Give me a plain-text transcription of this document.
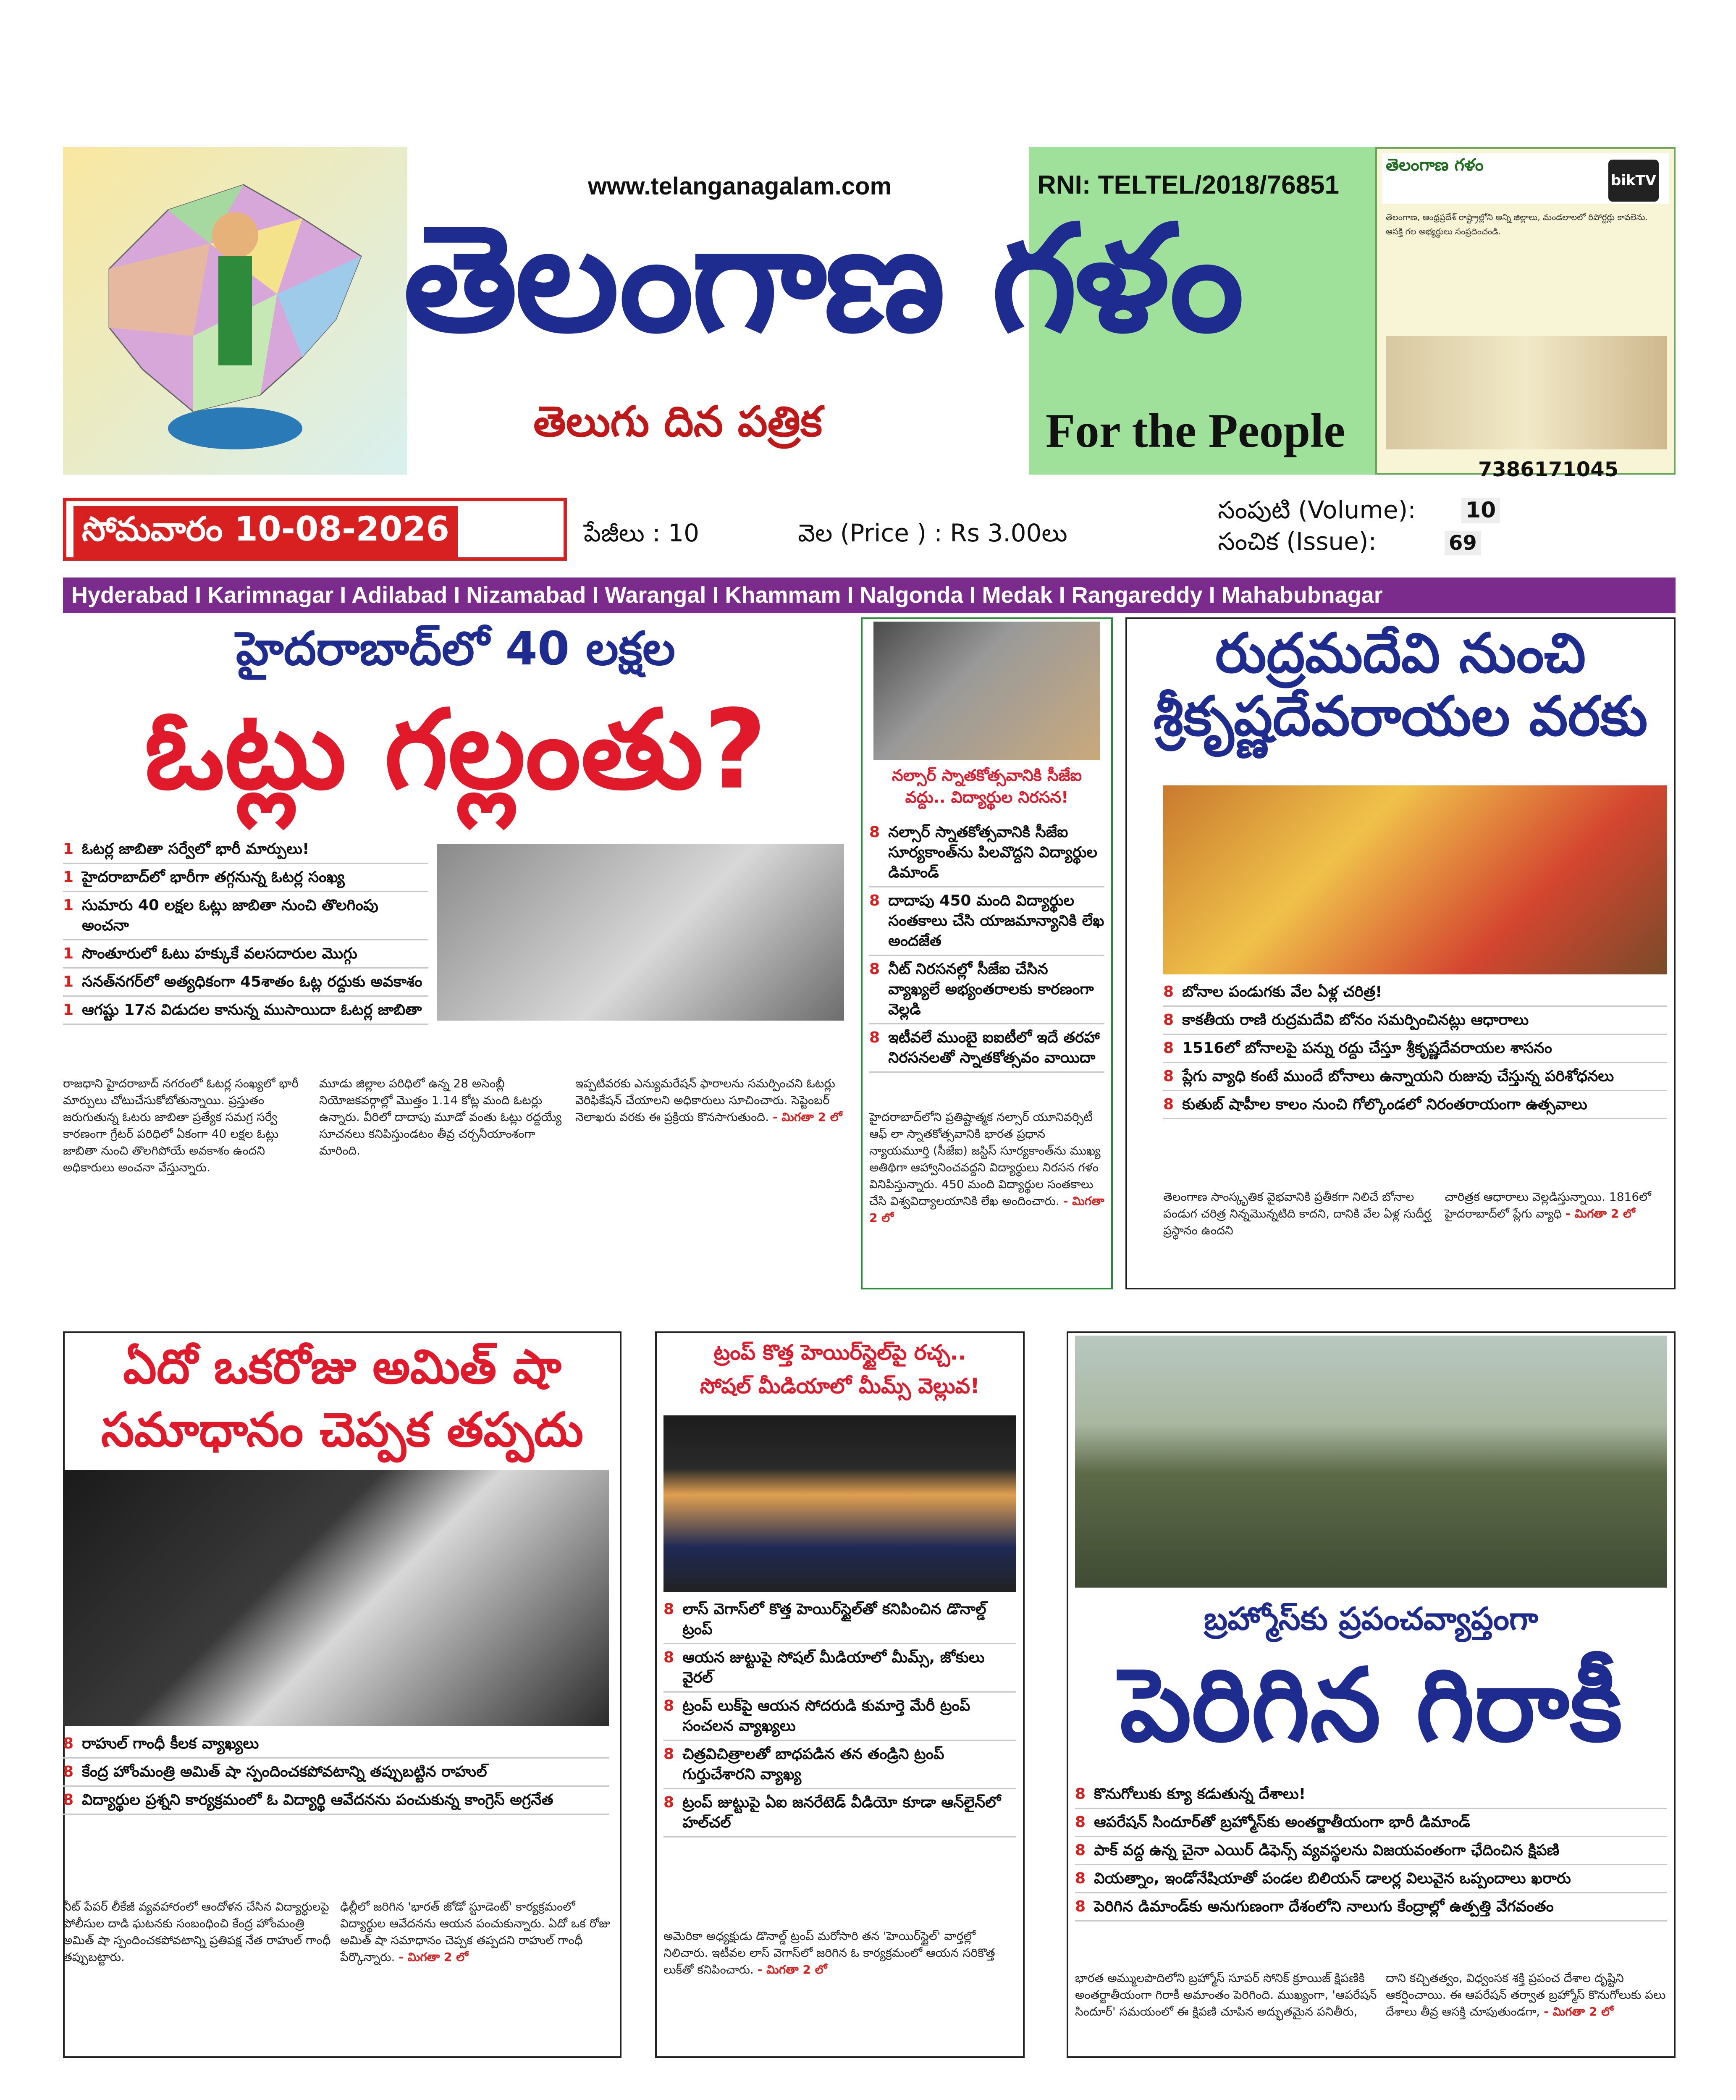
www.telanganagalam.com	RNI: TELTEL/2018/76851
తెలంగాణ గళం
తెలుగు దిన పత్రిక	For the People
తెలంగాణ గళం
bikTV
తెలంగాణ, ఆంధ్రప్రదేశ్ రాష్ట్రాల్లోని అన్ని జిల్లాలు, మండలాలలో రిపోర్టర్లు కావలెను. ఆసక్తి గల అభ్యర్థులు సంప్రదించండి.
7386171045
సోమవారం 10-08-2026	పేజీలు : 10	వెల (Price ) : Rs 3.00లు
సంపుటి (Volume): 10
సంచిక (Issue):	69
Hyderabad I Karimnagar I Adilabad I Nizamabad I Warangal I Khammam I Nalgonda I Medak I Rangareddy I Mahabubnagar
హైదరాబాద్‌లో 40 లక్షల
ఓట్లు గల్లంతు?
1 ఓటర్ల జాబితా సర్వేలో భారీ మార్పులు!
1 హైదరాబాద్‌లో భారీగా తగ్గనున్న ఓటర్ల సంఖ్య
1 సుమారు 40 లక్షల ఓట్లు జాబితా నుంచి తొలగింపు అంచనా
1 సొంతూరులో ఓటు హక్కుకే వలసదారుల మొగ్గు
1 సనత్‌నగర్‌లో అత్యధికంగా 45శాతం ఓట్ల రద్దుకు అవకాశం
1 ఆగష్టు 17న విడుదల కానున్న ముసాయిదా ఓటర్ల జాబితా
రాజధాని హైదరాబాద్ నగరంలో ఓటర్ల సంఖ్యలో భారీ మార్పులు చోటుచేసుకోబోతున్నాయి. ప్రస్తుతం జరుగుతున్న ఓటరు జాబితా ప్రత్యేక సమగ్ర సర్వే కారణంగా గ్రేటర్ పరిధిలో ఏకంగా 40 లక్షల ఓట్లు జాబితా నుంచి తొలగిపోయే అవకాశం ఉందని అధికారులు అంచనా వేస్తున్నారు.
మూడు జిల్లాల పరిధిలో ఉన్న 28 అసెంబ్లీ నియోజకవర్గాల్లో మొత్తం 1.14 కోట్ల మంది ఓటర్లు ఉన్నారు. వీరిలో దాదాపు మూడో వంతు ఓట్లు రద్దయ్యే సూచనలు కనిపిస్తుండటం తీవ్ర చర్చనీయాంశంగా మారింది.
ఇప్పటివరకు ఎన్యుమరేషన్ ఫారాలను సమర్పించని ఓటర్లు వెరిఫికేషన్ చేయాలని అధికారులు సూచించారు. సెప్టెంబర్ నెలాఖరు వరకు ఈ ప్రక్రియ కొనసాగుతుంది. - మిగతా 2 లో
నల్సార్ స్నాతకోత్సవానికి సీజేఐ వద్దు.. విద్యార్థుల నిరసన!
8 నల్సార్ స్నాతకోత్సవానికి సీజేఐ సూర్యకాంత్‌ను పిలవొద్దని విద్యార్థుల డిమాండ్
8 దాదాపు 450 మంది విద్యార్థుల సంతకాలు చేసి యాజమాన్యానికి లేఖ అందజేత
8 నీట్ నిరసనల్లో సీజేఐ చేసిన వ్యాఖ్యలే అభ్యంతరాలకు కారణంగా వెల్లడి
8 ఇటీవలే ముంబై ఐఐటీలో ఇదే తరహా నిరసనలతో స్నాతకోత్సవం వాయిదా
హైదరాబాద్‌లోని ప్రతిష్టాత్మక నల్సార్ యూనివర్సిటీ ఆఫ్ లా స్నాతకోత్సవానికి భారత ప్రధాన న్యాయమూర్తి (సీజేఐ) జస్టిస్ సూర్యకాంత్‌ను ముఖ్య అతిథిగా ఆహ్వానించవద్దని విద్యార్థులు నిరసన గళం వినిపిస్తున్నారు. 450 మంది విద్యార్థుల సంతకాలు చేసి విశ్వవిద్యాలయానికి లేఖ అందించారు. - మిగతా 2 లో
రుద్రమదేవి నుంచి
శ్రీకృష్ణదేవరాయల వరకు
8 బోనాల పండుగకు వేల ఏళ్ల చరిత్ర!
8 కాకతీయ రాణి రుద్రమదేవి బోనం సమర్పించినట్లు ఆధారాలు
8 1516లో బోనాలపై పన్ను రద్దు చేస్తూ శ్రీకృష్ణదేవరాయల శాసనం
8 ప్లేగు వ్యాధి కంటే ముందే బోనాలు ఉన్నాయని రుజువు చేస్తున్న పరిశోధనలు
8 కుతుబ్ షాహీల కాలం నుంచి గోల్కొండలో నిరంతరాయంగా ఉత్సవాలు
తెలంగాణ సాంస్కృతిక వైభవానికి ప్రతీకగా నిలిచే బోనాల పండుగ చరిత్ర నిన్నమొన్నటిది కాదని, దానికి వేల ఏళ్ల సుదీర్ఘ ప్రస్థానం ఉందని
చారిత్రక ఆధారాలు వెల్లడిస్తున్నాయి. 1816లో హైదరాబాద్‌లో ప్లేగు వ్యాధి - మిగతా 2 లో
ఏదో ఒకరోజు అమిత్ షా
సమాధానం చెప్పక తప్పదు
8 రాహుల్ గాంధీ కీలక వ్యాఖ్యలు
8 కేంద్ర హోంమంత్రి అమిత్ షా స్పందించకపోవటాన్ని తప్పుబట్టిన రాహుల్
8 విద్యార్థుల ప్రశ్నని కార్యక్రమంలో ఓ విద్యార్థి ఆవేదనను పంచుకున్న కాంగ్రెస్ అగ్రనేత
నీట్ పేపర్ లీకేజీ వ్యవహారంలో ఆందోళన చేసిన విద్యార్థులపై పోలీసుల దాడి ఘటనకు సంబంధించి కేంద్ర హోంమంత్రి అమిత్ షా స్పందించకపోవటాన్ని ప్రతిపక్ష నేత రాహుల్ గాంధీ తప్పుబట్టారు.
ఢిల్లీలో జరిగిన 'భారత్ జోడో స్టూడెంట్' కార్యక్రమంలో విద్యార్థుల ఆవేదనను ఆయన పంచుకున్నారు. ఏదో ఒక రోజు అమిత్ షా సమాధానం చెప్పక తప్పదని రాహుల్ గాంధీ పేర్కొన్నారు. - మిగతా 2 లో
ట్రంప్ కొత్త హెయిర్‌స్టైల్‌పై రచ్చ..
సోషల్ మీడియాలో మీమ్స్ వెల్లువ!
8 లాస్ వెగాస్‌లో కొత్త హెయిర్‌స్టైల్‌తో కనిపించిన డొనాల్డ్ ట్రంప్
8 ఆయన జుట్టుపై సోషల్ మీడియాలో మీమ్స్, జోకులు వైరల్
8 ట్రంప్ లుక్‌పై ఆయన సోదరుడి కుమార్తె మేరీ ట్రంప్ సంచలన వ్యాఖ్యలు
8 చిత్రవిచిత్రాలతో బాధపడిన తన తండ్రిని ట్రంప్ గుర్తుచేశారని వ్యాఖ్య
8 ట్రంప్ జుట్టుపై ఏఐ జనరేటెడ్ వీడియో కూడా ఆన్‌లైన్‌లో హల్‌చల్
అమెరికా అధ్యక్షుడు డొనాల్డ్ ట్రంప్ మరోసారి తన 'హెయిర్‌స్టైల్' వార్తల్లో నిలిచారు. ఇటీవల లాస్ వెగాస్‌లో జరిగిన ఓ కార్యక్రమంలో ఆయన సరికొత్త లుక్‌తో కనిపించారు. - మిగతా 2 లో
బ్రహ్మోస్‌కు ప్రపంచవ్యాప్తంగా
పెరిగిన గిరాకీ
8 కొనుగోలుకు క్యూ కడుతున్న దేశాలు!
8 ఆపరేషన్ సిందూర్‌తో బ్రహ్మోస్‌కు అంతర్జాతీయంగా భారీ డిమాండ్
8 పాక్ వద్ద ఉన్న చైనా ఎయిర్ డిఫెన్స్ వ్యవస్థలను విజయవంతంగా ఛేదించిన క్షిపణి
8 వియత్నాం, ఇండోనేషియాతో పండల బిలియన్ డాలర్ల విలువైన ఒప్పందాలు ఖరారు
8 పెరిగిన డిమాండ్‌కు అనుగుణంగా దేశంలోని నాలుగు కేంద్రాల్లో ఉత్పత్తి వేగవంతం
భారత అమ్ములపొదిలోని బ్రహ్మోస్ సూపర్ సోనిక్ క్రూయిజ్ క్షిపణికి అంతర్జాతీయంగా గిరాకీ అమాంతం పెరిగింది. ముఖ్యంగా, 'ఆపరేషన్ సిందూర్' సమయంలో ఈ క్షిపణి చూపిన అద్భుతమైన పనితీరు,
దాని కచ్చితత్వం, విధ్వంసక శక్తి ప్రపంచ దేశాల దృష్టిని ఆకర్షించాయి. ఈ ఆపరేషన్ తర్వాత బ్రహ్మోస్ కొనుగోలుకు పలు దేశాలు తీవ్ర ఆసక్తి చూపుతుండగా, - మిగతా 2 లో
